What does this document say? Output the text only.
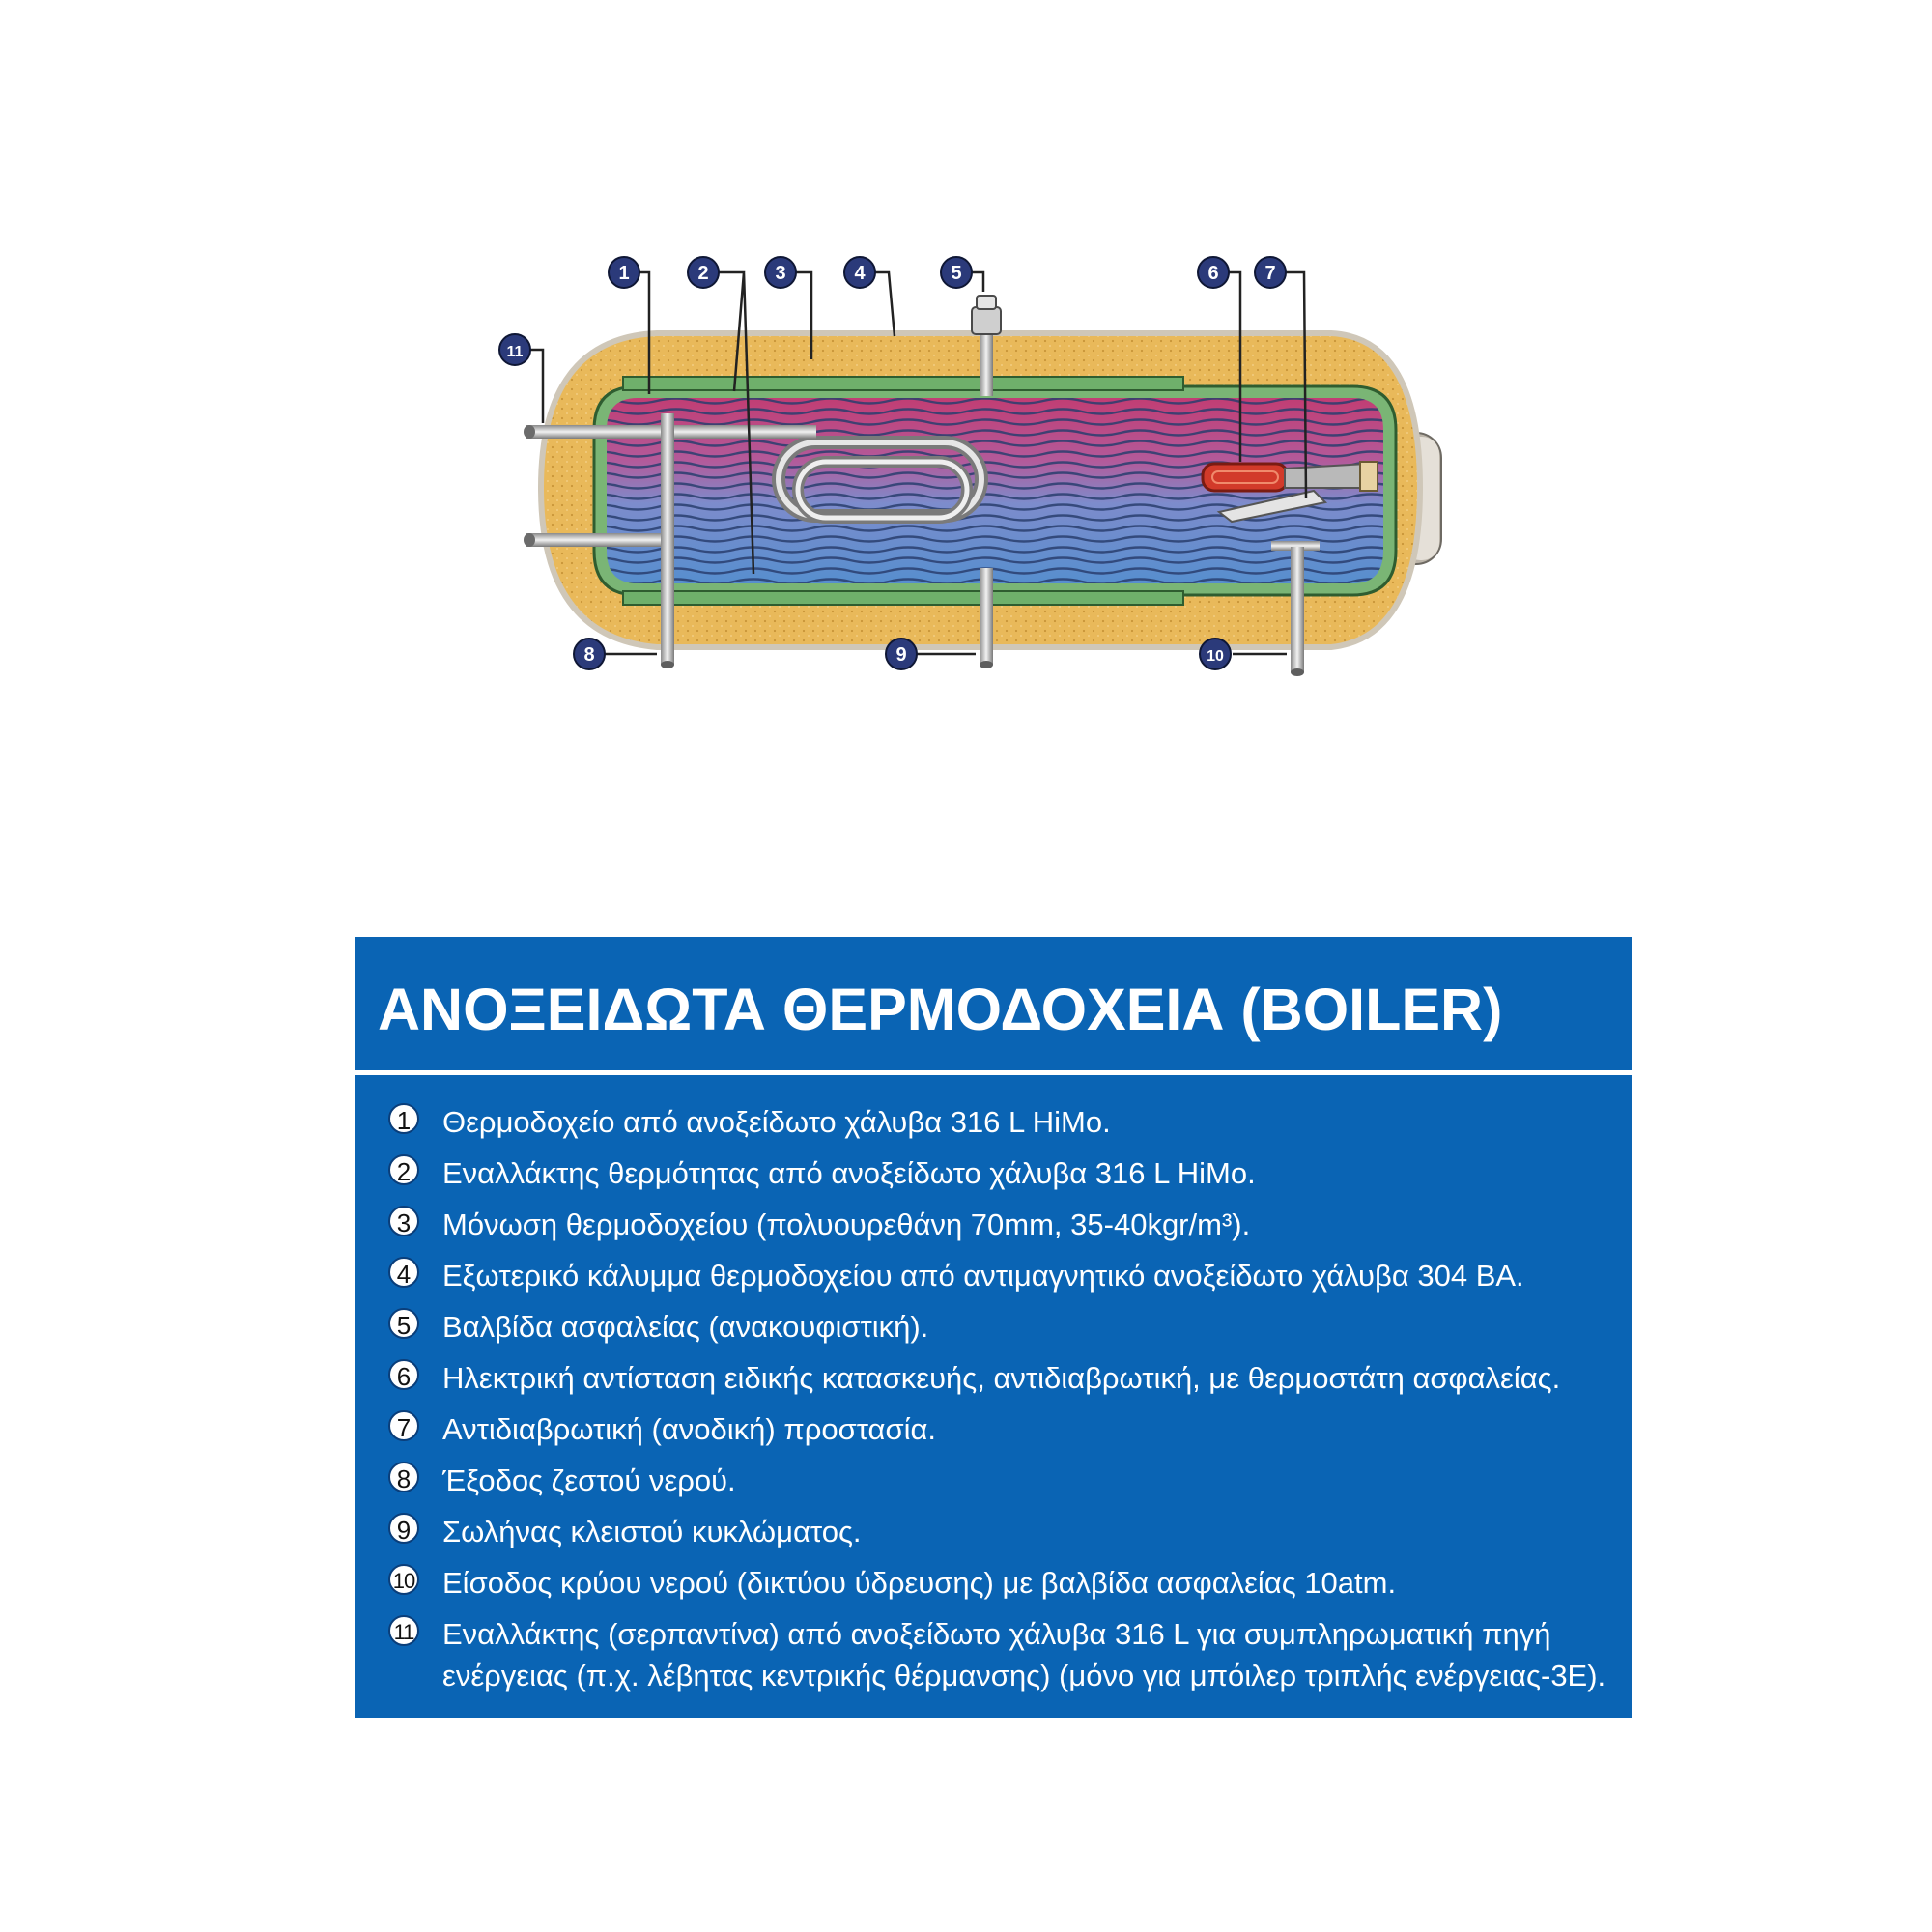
1	2	3	4	5	6 7
8	9	10
11
ΑΝΟΞΕΙΔΩΤΑ ΘΕΡΜΟΔΟΧΕΙΑ (BOILER)
1 Θερμοδοχείο από ανοξείδωτο χάλυβα 316 L HiMo.
2 Εναλλάκτης θερμότητας από ανοξείδωτο χάλυβα 316 L HiMo.
3 Μόνωση θερμοδοχείου (πολυουρεθάνη 70mm, 35-40kgr/m³).
4 Εξωτερικό κάλυμμα θερμοδοχείου από αντιμαγνητικό ανοξείδωτο χάλυβα 304 BA.
5 Βαλβίδα ασφαλείας (ανακουφιστική).
6 Ηλεκτρική αντίσταση ειδικής κατασκευής, αντιδιαβρωτική, με θερμοστάτη ασφαλείας.
7 Αντιδιαβρωτική (ανοδική) προστασία.
8 Έξοδος ζεστού νερού.
9 Σωλήνας κλειστού κυκλώματος.
10 Είσοδος κρύου νερού (δικτύου ύδρευσης) με βαλβίδα ασφαλείας 10atm.
11 Εναλλάκτης (σερπαντίνα) από ανοξείδωτο χάλυβα 316 L για συμπληρωματική πηγή ενέργειας (π.χ. λέβητας κεντρικής θέρμανσης) (μόνο για μπόιλερ τριπλής ενέργειας-3Ε).
